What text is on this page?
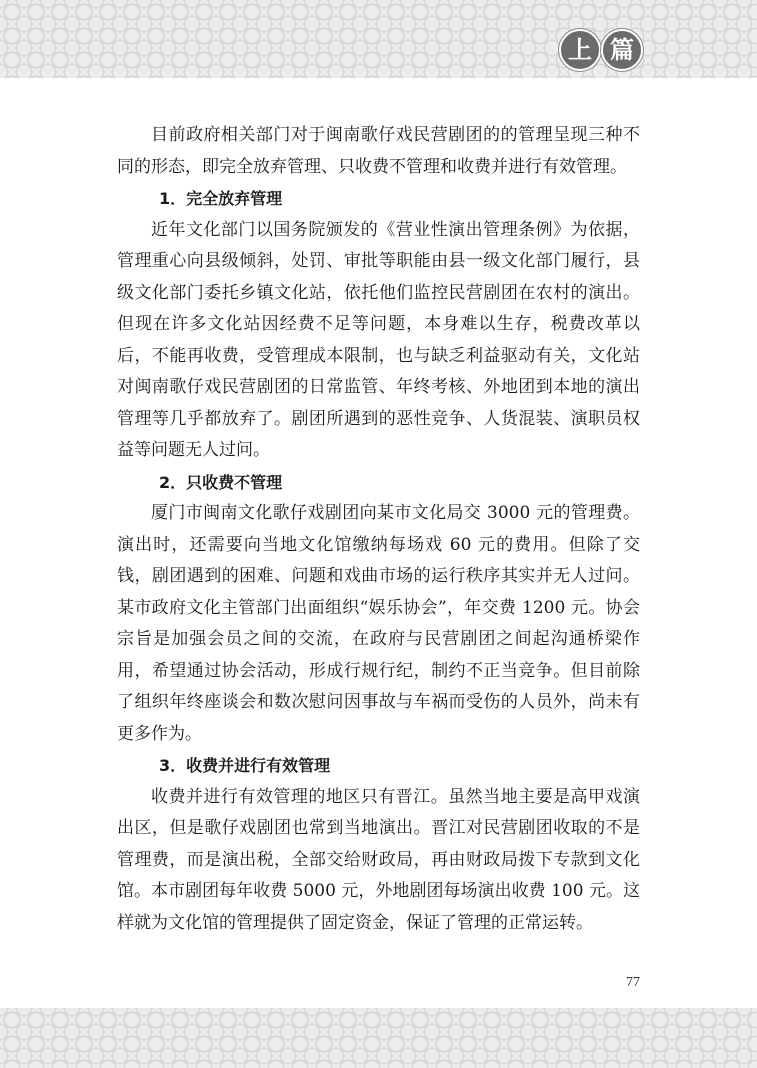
上 篇

目前政府相关部门对于闽南歌仔戏民营剧团的的管理呈现三种不同的形态，即完全放弃管理、只收费不管理和收费并进行有效管理。

1．完全放弃管理

近年文化部门以国务院颁发的《营业性演出管理条例》为依据，管理重心向县级倾斜，处罚、审批等职能由县一级文化部门履行，县级文化部门委托乡镇文化站，依托他们监控民营剧团在农村的演出。但现在许多文化站因经费不足等问题，本身难以生存，税费改革以后，不能再收费，受管理成本限制，也与缺乏利益驱动有关，文化站对闽南歌仔戏民营剧团的日常监管、年终考核、外地团到本地的演出管理等几乎都放弃了。剧团所遇到的恶性竞争、人货混装、演职员权益等问题无人过问。

2．只收费不管理

厦门市闽南文化歌仔戏剧团向某市文化局交 3000 元的管理费。演出时，还需要向当地文化馆缴纳每场戏 60 元的费用。但除了交钱，剧团遇到的困难、问题和戏曲市场的运行秩序其实并无人过问。某市政府文化主管部门出面组织“娱乐协会”，年交费 1200 元。协会宗旨是加强会员之间的交流，在政府与民营剧团之间起沟通桥梁作用，希望通过协会活动，形成行规行纪，制约不正当竞争。但目前除了组织年终座谈会和数次慰问因事故与车祸而受伤的人员外，尚未有更多作为。

3．收费并进行有效管理

收费并进行有效管理的地区只有晋江。虽然当地主要是高甲戏演出区，但是歌仔戏剧团也常到当地演出。晋江对民营剧团收取的不是管理费，而是演出税，全部交给财政局，再由财政局拨下专款到文化馆。本市剧团每年收费 5000 元，外地剧团每场演出收费 100 元。这样就为文化馆的管理提供了固定资金，保证了管理的正常运转。

77
